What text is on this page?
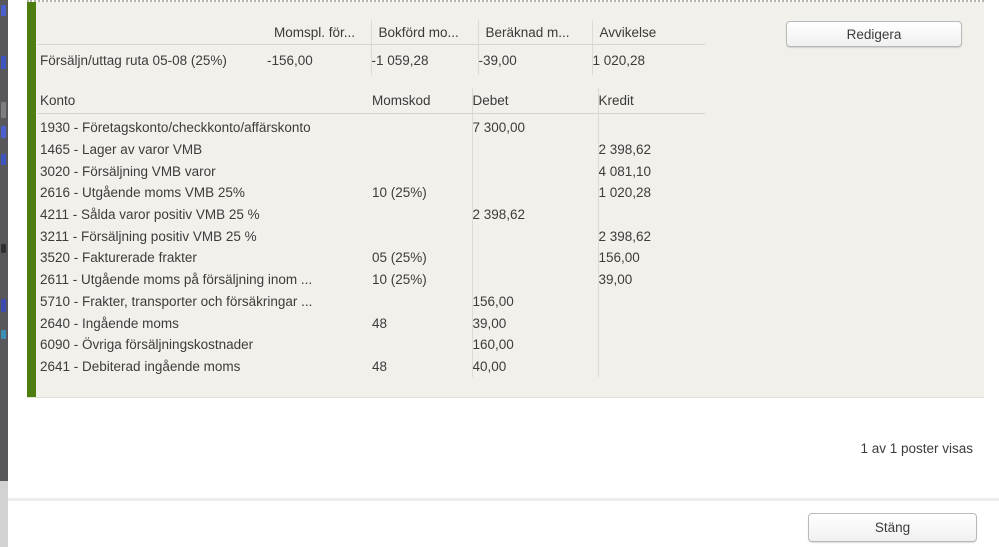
	Momspl. för...	Bokförd mo...	Beräknad m...	Avvikelse
Försäljn/uttag ruta 05-08 (25%)	-156,00	-1 059,28	-39,00	1 020,28
Redigera
Konto	Momskod	Debet	Kredit
1930 - Företagskonto/checkkonto/affärskonto		7 300,00	
1465 - Lager av varor VMB			2 398,62
3020 - Försäljning VMB varor			4 081,10
2616 - Utgående moms VMB 25%	10 (25%)		1 020,28
4211 - Sålda varor positiv VMB 25 %		2 398,62	
3211 - Försäljning positiv VMB 25 %			2 398,62
3520 - Fakturerade frakter	05 (25%)		156,00
2611 - Utgående moms på försäljning inom ...	10 (25%)		39,00
5710 - Frakter, transporter och försäkringar ...		156,00	
2640 - Ingående moms	48	39,00	
6090 - Övriga försäljningskostnader		160,00	
2641 - Debiterad ingående moms	48	40,00	
1 av 1 poster visas
Stäng
